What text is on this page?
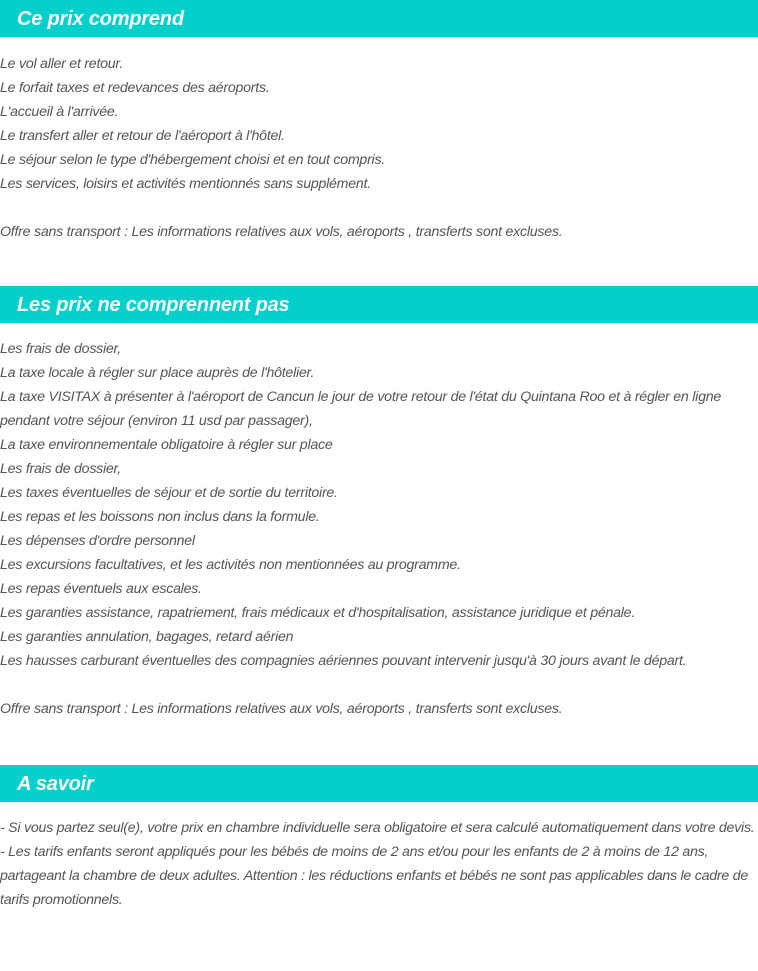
Ce prix comprend
Le vol aller et retour.
Le forfait taxes et redevances des aéroports.
L'accueil à l'arrivée.
Le transfert aller et retour de l'aéroport à l'hôtel.
Le séjour selon le type d'hébergement choisi et en tout compris.
Les services, loisirs et activités mentionnés sans supplément.
Offre sans transport : Les informations relatives aux vols, aéroports , transferts sont excluses.
Les prix ne comprennent pas
Les frais de dossier,
La taxe locale à régler sur place auprès de l'hôtelier.
La taxe VISITAX à présenter à l'aéroport de Cancun le jour de votre retour de l'état du Quintana Roo et à régler en ligne pendant votre séjour (environ 11 usd par passager),
La taxe environnementale obligatoire à régler sur place
Les frais de dossier,
Les taxes éventuelles de séjour et de sortie du territoire.
Les repas et les boissons non inclus dans la formule.
Les dépenses d'ordre personnel
Les excursions facultatives, et les activités non mentionnées au programme.
Les repas éventuels aux escales.
Les garanties assistance, rapatriement, frais médicaux et d'hospitalisation, assistance juridique et pénale.
Les garanties annulation, bagages, retard aérien
Les hausses carburant éventuelles des compagnies aériennes pouvant intervenir jusqu'à 30 jours avant le départ.
Offre sans transport : Les informations relatives aux vols, aéroports , transferts sont excluses.
A savoir
- Si vous partez seul(e), votre prix en chambre individuelle sera obligatoire et sera calculé automatiquement dans votre devis.
- Les tarifs enfants seront appliqués pour les bébés de moins de 2 ans et/ou pour les enfants de 2 à moins de 12 ans, partageant la chambre de deux adultes. Attention : les réductions enfants et bébés ne sont pas applicables dans le cadre de tarifs promotionnels.
